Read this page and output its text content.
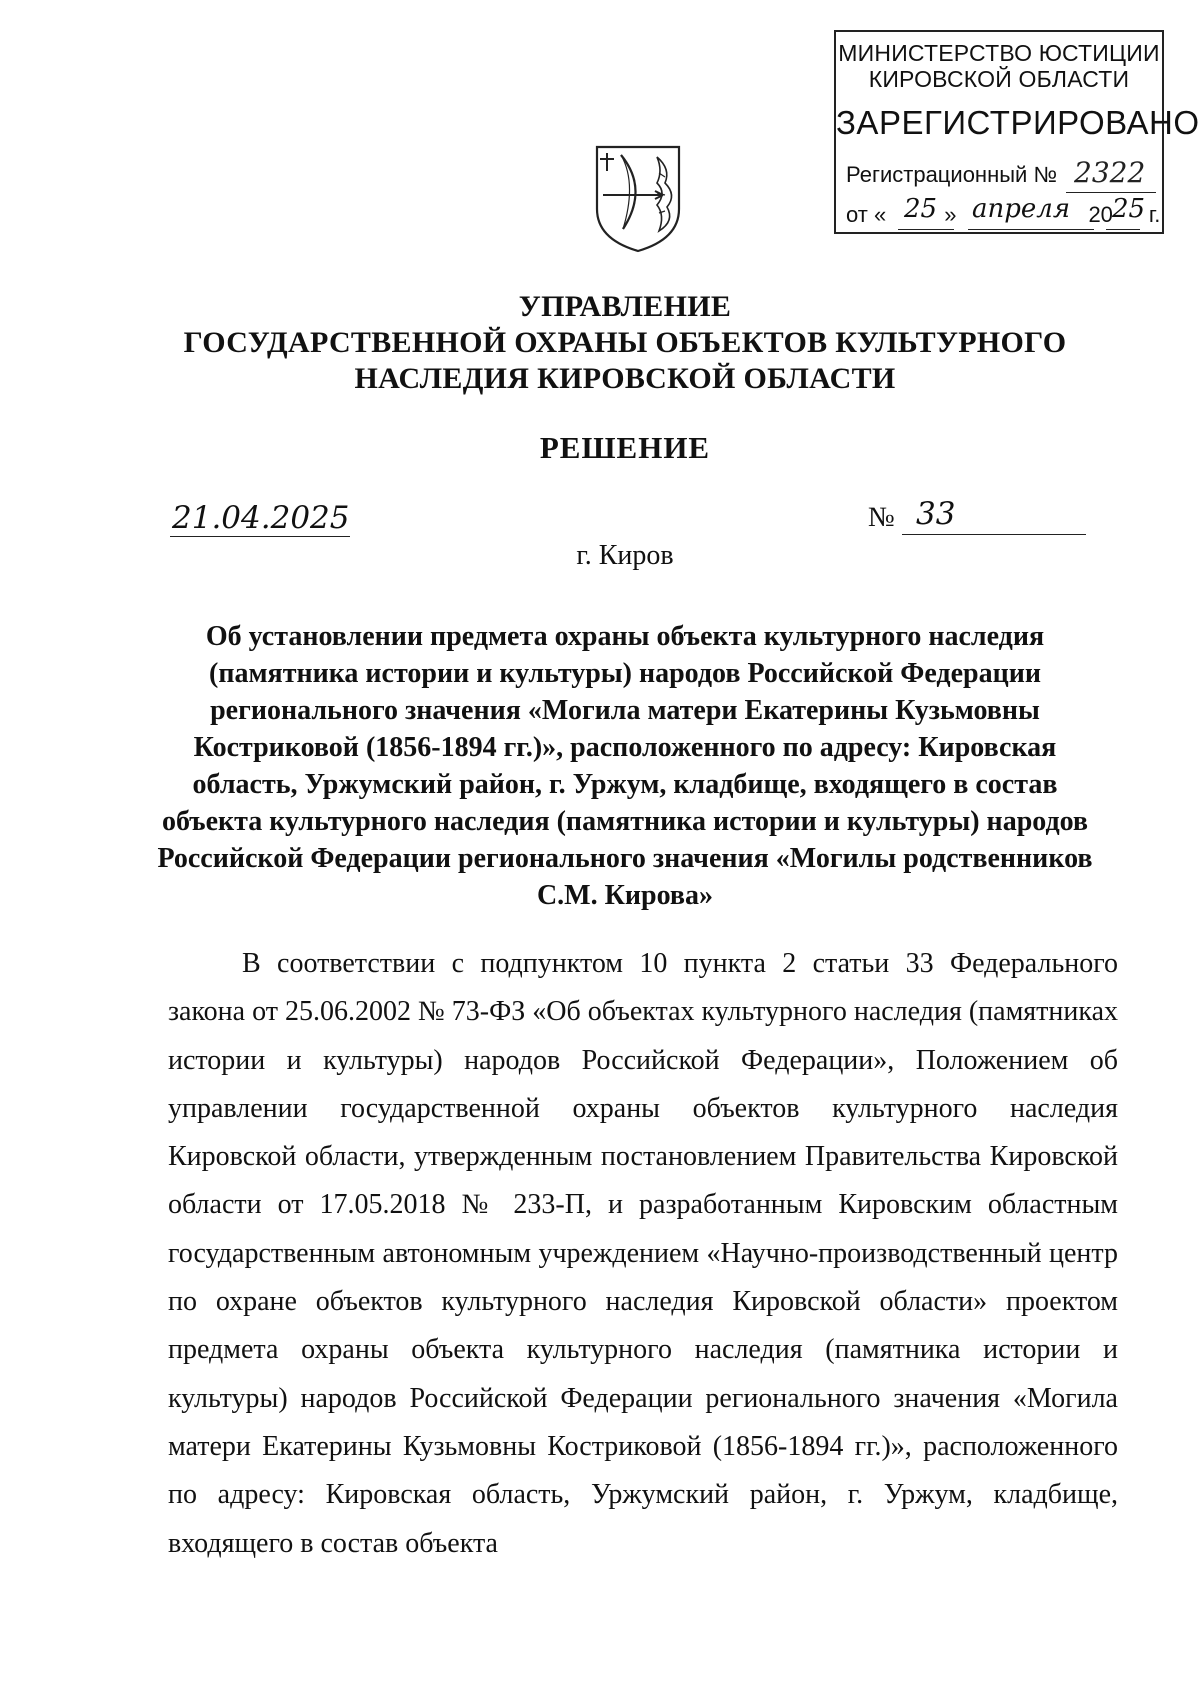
МИНИСТЕРСТВО ЮСТИЦИИ
КИРОВСКОЙ ОБЛАСТИ
ЗАРЕГИСТРИРОВАНО
Регистрационный № 2322
от «	»	20 г.
25 апреля 25
УПРАВЛЕНИЕ
ГОСУДАРСТВЕННОЙ ОХРАНЫ ОБЪЕКТОВ КУЛЬТУРНОГО
НАСЛЕДИЯ КИРОВСКОЙ ОБЛАСТИ
РЕШЕНИЕ
21.04.2025	№ 33
г. Киров
Об установлении предмета охраны объекта культурного наследия (памятника истории и культуры) народов Российской Федерации регионального значения «Могила матери Екатерины Кузьмовны Костриковой (1856-1894 гг.)», расположенного по адресу: Кировская область, Уржумский район, г. Уржум, кладбище, входящего в состав объекта культурного наследия (памятника истории и культуры) народов Российской Федерации регионального значения «Могилы родственников С.М. Кирова»
В соответствии с подпунктом 10 пункта 2 статьи 33 Федерального закона от 25.06.2002 № 73-ФЗ «Об объектах культурного наследия (памятниках истории и культуры) народов Российской Федерации», Положением об управлении государственной охраны объектов культурного наследия Кировской области, утвержденным постановлением Правительства Кировской области от 17.05.2018 № 233-П, и разработанным Кировским областным государственным автономным учреждением «Научно-производственный центр по охране объектов культурного наследия Кировской области» проектом предмета охраны объекта культурного наследия (памятника истории и культуры) народов Российской Федерации регионального значения «Могила матери Екатерины Кузьмовны Костриковой (1856-1894 гг.)», расположенного по адресу: Кировская область, Уржумский район, г. Уржум, кладбище, входящего в состав объекта
